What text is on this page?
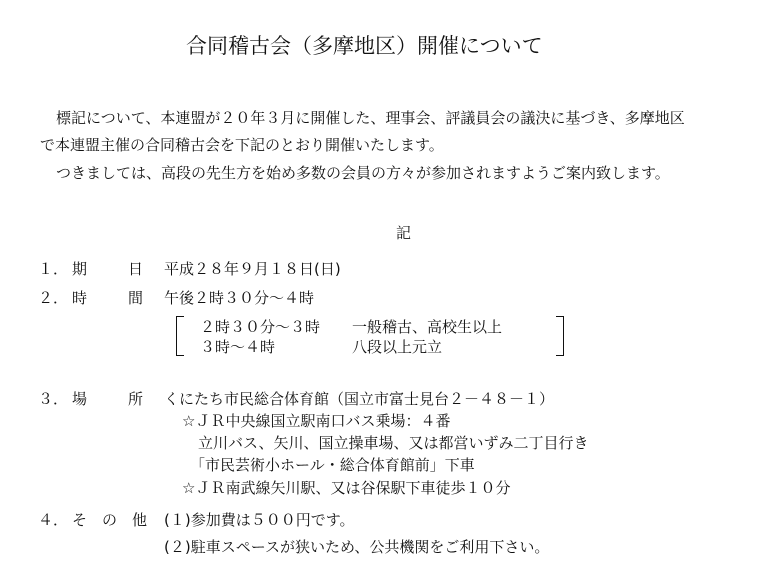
合同稽古会（多摩地区）開催について
標記について、本連盟が２０年３月に開催した、理事会、評議員会の議決に基づき、多摩地区
で本連盟主催の合同稽古会を下記のとおり開催いたします。
つきましては、高段の先生方を始め多数の会員の方々が参加されますようご案内致します。
記
１． 期	日 平成２８年９月１８日(日)
２． 時	間 午後２時３０分～４時
２時３０分～３時 一般稽古、高校生以上
３時～４時	八段以上元立
３． 場	所 くにたち市民総合体育館（国立市富士見台２－４８－１）
☆ＪＲ中央線国立駅南口バス乗場：４番
立川バス、矢川、国立操車場、又は都営いずみ二丁目行き
「市民芸術小ホール・総合体育館前」下車
☆ＪＲ南武線矢川駅、又は谷保駅下車徒歩１０分
４． そ　の　他 (１)参加費は５００円です。
(２)駐車スペースが狭いため、公共機関をご利用下さい。
